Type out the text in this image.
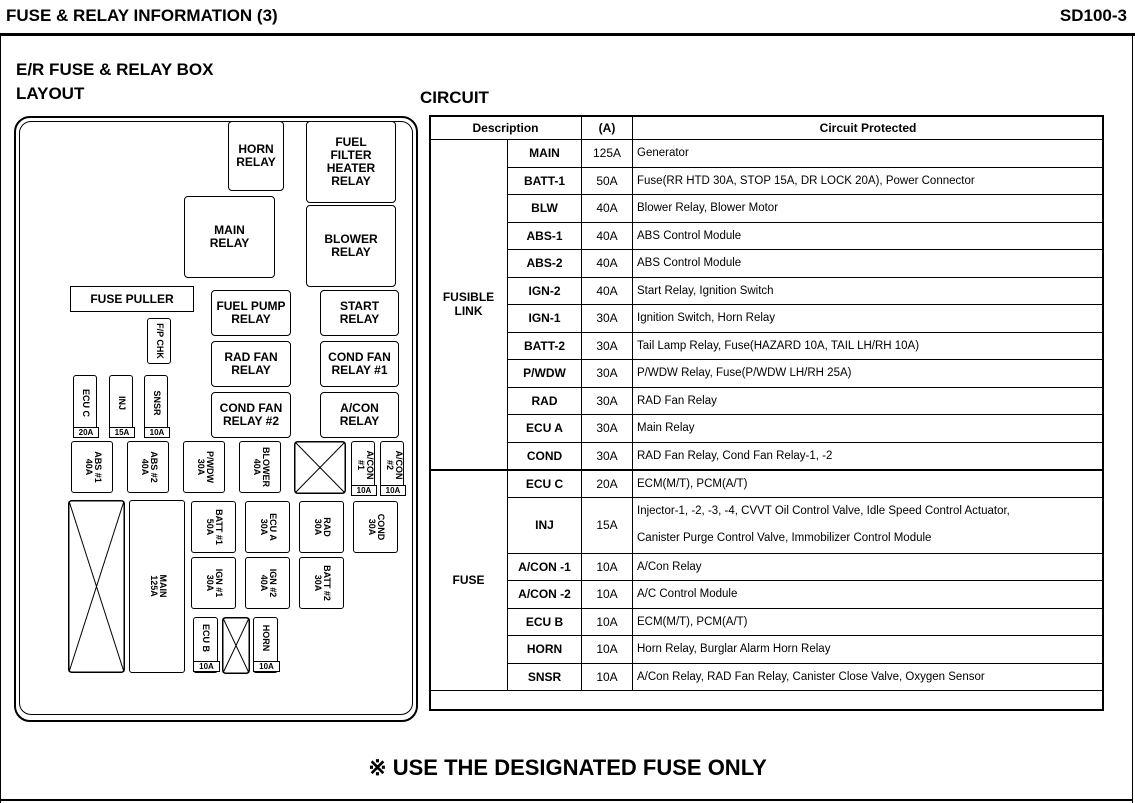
FUSE & RELAY INFORMATION (3)	SD100-3
E/R FUSE & RELAY BOX
LAYOUT	CIRCUIT
HORN
RELAY
FUEL
FILTER
HEATER
RELAY
MAIN
RELAY	BLOWER
RELAY
FUSE PULLER
FUEL PUMP
RELAY
START
RELAY
F/P CHK	RAD FAN
RELAY
COND FAN
RELAY #1
COND FAN
RELAY #2
A/CON
RELAY
ECU C
20A
INJ
15A
SNSR
10A
ABS #1
40A	ABS #2
40A	P/WDW
30A	BLOWER
40A	A/CON
#1
10A
A/CON
#2
10A
MAIN
125A
BATT #1
50A	ECU A
30A	RAD
30A	COND
30A
IGN #1
30A	IGN #2
40A	BATT #2
30A
ECU B
10A
HORN
10A
Description		(A)	Circuit Protected
FUSIBLE
LINK	MAIN	125A	Generator
	BATT-1	50A	Fuse(RR HTD 30A, STOP 15A, DR LOCK 20A), Power Connector
	BLW	40A	Blower Relay, Blower Motor
	ABS-1	40A	ABS Control Module
	ABS-2	40A	ABS Control Module
	IGN-2	40A	Start Relay, Ignition Switch
	IGN-1	30A	Ignition Switch, Horn Relay
	BATT-2	30A	Tail Lamp Relay, Fuse(HAZARD 10A, TAIL LH/RH 10A)
	P/WDW	30A	P/WDW Relay, Fuse(P/WDW LH/RH 25A)
	RAD	30A	RAD Fan Relay
	ECU A	30A	Main Relay
	COND	30A	RAD Fan Relay, Cond Fan Relay-1, -2
FUSE	ECU C	20A	ECM(M/T), PCM(A/T)
	INJ	15A	Injector-1, -2, -3, -4, CVVT Oil Control Valve, Idle Speed Control Actuator,
Canister Purge Control Valve, Immobilizer Control Module

	A/CON -1	10A	A/Con Relay
	A/CON -2	10A	A/C Control Module
	ECU B	10A	ECM(M/T), PCM(A/T)
	HORN	10A	Horn Relay, Burglar Alarm Horn Relay
	SNSR	10A	A/Con Relay, RAD Fan Relay, Canister Close Valve, Oxygen Sensor
※ USE THE DESIGNATED FUSE ONLY
